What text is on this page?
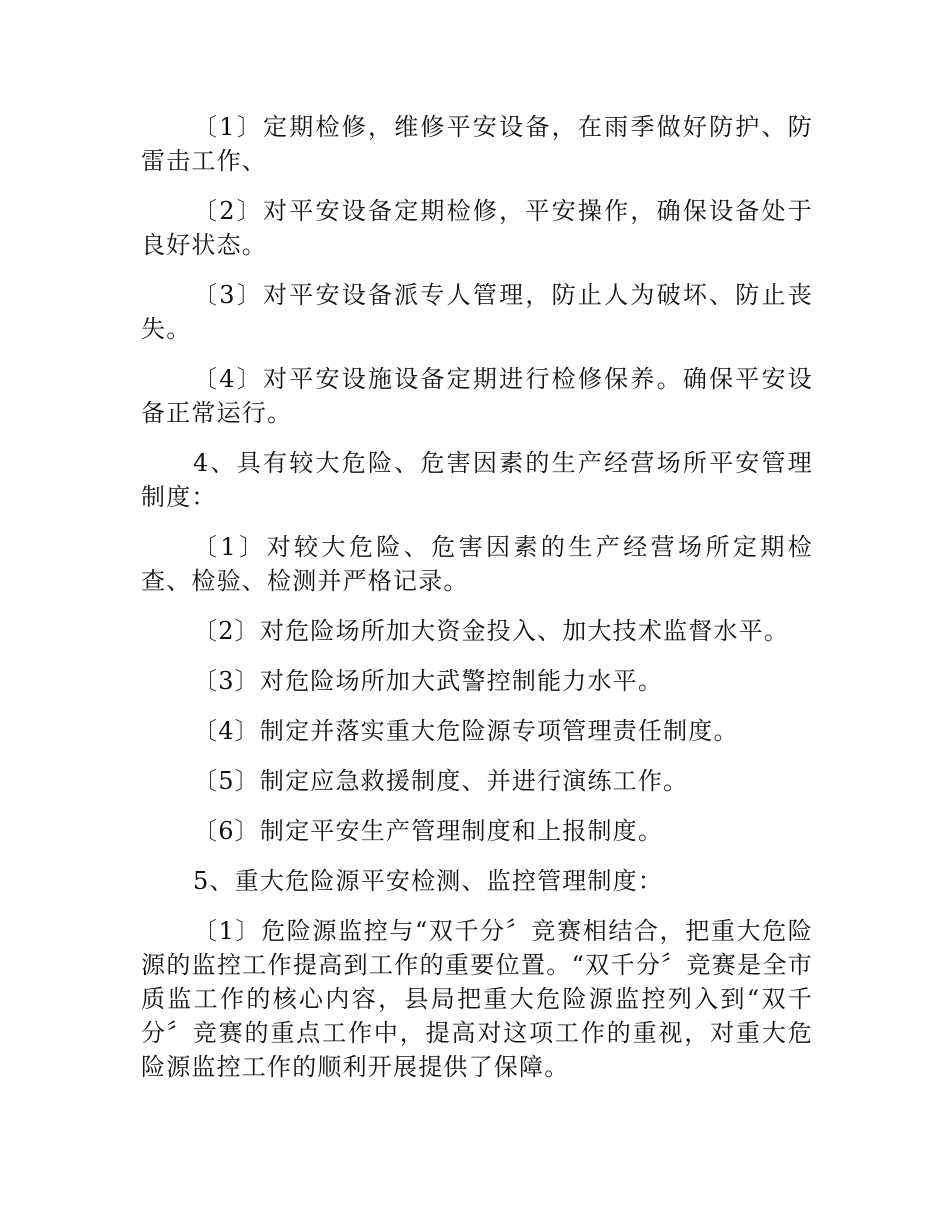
〔1〕定期检修，维修平安设备，在雨季做好防护、防雷击工作、

〔2〕对平安设备定期检修，平安操作，确保设备处于良好状态。

〔3〕对平安设备派专人管理，防止人为破坏、防止丧失。

〔4〕对平安设施设备定期进行检修保养。确保平安设备正常运行。

4、具有较大危险、危害因素的生产经营场所平安管理制度：

〔1〕对较大危险、危害因素的生产经营场所定期检查、检验、检测并严格记录。

〔2〕对危险场所加大资金投入、加大技术监督水平。

〔3〕对危险场所加大武警控制能力水平。

〔4〕制定并落实重大危险源专项管理责任制度。

〔5〕制定应急救援制度、并进行演练工作。

〔6〕制定平安生产管理制度和上报制度。

5、重大危险源平安检测、监控管理制度：

〔1〕危险源监控与“双千分〞竞赛相结合，把重大危险源的监控工作提高到工作的重要位置。“双千分〞竞赛是全市质监工作的核心内容，县局把重大危险源监控列入到“双千分〞竞赛的重点工作中，提高对这项工作的重视，对重大危险源监控工作的顺利开展提供了保障。
